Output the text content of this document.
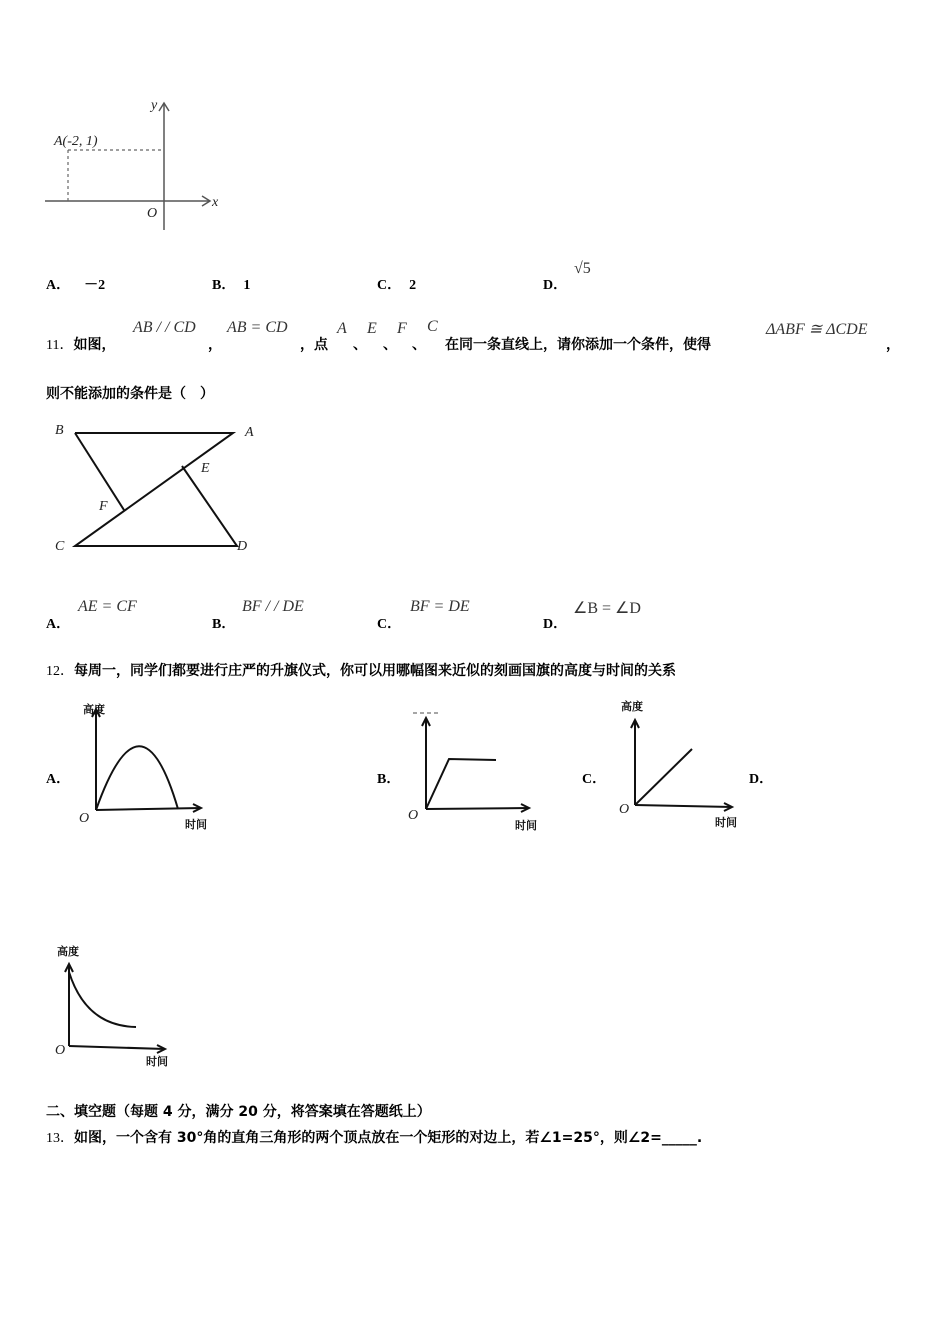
A(-2, 1)
x
y
O
A． －2	B． 1	C． 2	D．
√5
11．如图，
AB / / CD
，
AB = CD
，点
A
、
E
、
F
、
C
在同一条直线上，请你添加一个条件，使得
ΔABF ≅ ΔCDE
，
则不能添加的条件是（　）
B	A
E
F
C	D
A．
AE = CF
B．
BF / / DE
C．
BF = DE
D．
∠B = ∠D
12．每周一，同学们都要进行庄严的升旗仪式，你可以用哪幅图来近似的刻画国旗的高度与时间的关系
A．
高度
时间
O
B．
时间
O
C．
高度
时间
O
D．
高度
时间
O
二、填空题（每题 4 分，满分 20 分，将答案填在答题纸上）
13．如图，一个含有 30°角的直角三角形的两个顶点放在一个矩形的对边上，若∠1=25°，则∠2=_____.
